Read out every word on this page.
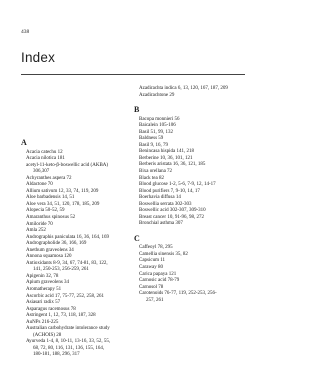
438
Index
A
Acacia catechu 12
Acacia nilotica 181
acetyl-11-keto-β-boswellic acid (AKBA)
306,307
Achyranthes aspera 72
Aldactone 70
Allium sativum 12, 33, 74, 119, 209
Aloe barbadensis 14, 51
Aloe vera 34, 51, 120, 178, 185, 209
Alopecia 50-52, 59
Amaranthus spinosus 52
Amiloride 70
Amla 252
Andrographis paniculata 16, 36, 164, 169
Andrographolide 36, 166, 169
Anethum graveolens 34
Annona squamosa 120
Antioxidants 8-9, 34, 67, 74-81, 83, 122,
141, 250-253, 256-259, 261
Apigenin 32, 78
Apium graveolens 34
Aromatherapy 51
Ascorbic acid 17, 75-77, 252, 258, 261
Asiasari radix 57
Asparagus racemosus 78
Astringent 1, 12, 73, 118, 187, 328
AuNPs 216-225
Australian carbohydrate intolerance study
(ACHOIS) 28
Ayurveda 1-4, 8, 10-11, 13-16, 33, 52, 55,
68, 72, 80, 116, 131, 136, 155, 164,
180-181, 188, 296, 317
Azadirachta indica 6, 13, 120, 167, 187, 209
Azadirachtone 29
B
Bacopa monnieri 56
Baicalein 105-106
Basil 51, 99, 132
Baldness 59
Basil 9, 16, 79
Benincasa hispida 141, 218
Berberine 10, 36, 101, 121
Berberis aristata 16, 36, 121, 185
Bixa orellana 72
Black tea 82
Blood glucose 1-2, 5-6, 7-9, 12, 14-17
Blood purifiers 7, 9-10, 14, 17
Boerhavia diffusa 14
Boswellia serrata 302-303
Boswellic acid 302-307, 309-310
Breast cancer 10, 91-96, 98, 272
Bronchial asthma 307
C
Caffeoyl 78, 295
Camellia sinensis 35, 82
Capsicum 11
Caraway 80
Carica papaya 121
Carnosic acid 78-79
Carnosol 78
Carotenoids 76-77, 119, 252-253, 256-
257, 261
